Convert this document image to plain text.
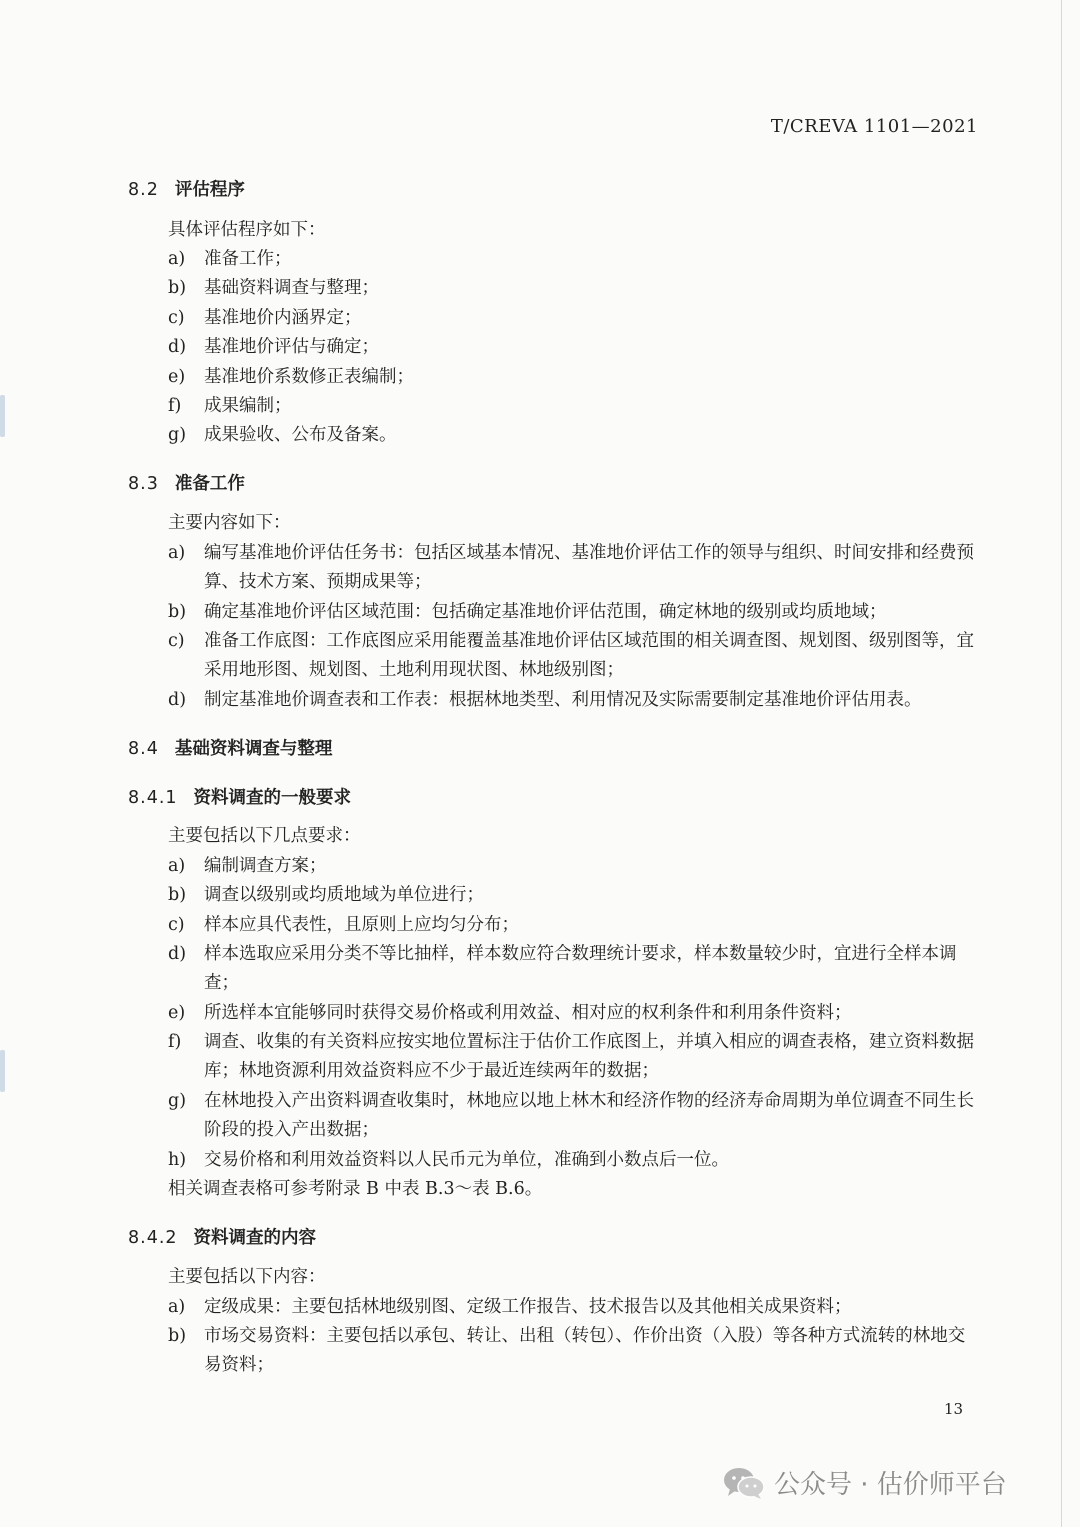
T/CREVA 1101—2021
8.2 评估程序
具体评估程序如下：
a)	准备工作；
b)	基础资料调查与整理；
c)	基准地价内涵界定；
d)	基准地价评估与确定；
e)	基准地价系数修正表编制；
f)	成果编制；
g)	成果验收、公布及备案。
8.3 准备工作
主要内容如下：
a)	编写基准地价评估任务书：包括区域基本情况、基准地价评估工作的领导与组织、时间安排和经费预算、技术方案、预期成果等；
b)	确定基准地价评估区域范围：包括确定基准地价评估范围，确定林地的级别或均质地域；
c)	准备工作底图：工作底图应采用能覆盖基准地价评估区域范围的相关调查图、规划图、级别图等，宜采用地形图、规划图、土地利用现状图、林地级别图；
d)	制定基准地价调查表和工作表：根据林地类型、利用情况及实际需要制定基准地价评估用表。
8.4 基础资料调查与整理
8.4.1 资料调查的一般要求
主要包括以下几点要求：
a)	编制调查方案；
b)	调查以级别或均质地域为单位进行；
c)	样本应具代表性，且原则上应均匀分布；
d)	样本选取应采用分类不等比抽样，样本数应符合数理统计要求，样本数量较少时，宜进行全样本调查；
e)	所选样本宜能够同时获得交易价格或利用效益、相对应的权利条件和利用条件资料；
f)	调查、收集的有关资料应按实地位置标注于估价工作底图上，并填入相应的调查表格，建立资料数据库；林地资源利用效益资料应不少于最近连续两年的数据；
g)	在林地投入产出资料调查收集时，林地应以地上林木和经济作物的经济寿命周期为单位调查不同生长阶段的投入产出数据；
h)	交易价格和利用效益资料以人民币元为单位，准确到小数点后一位。
相关调查表格可参考附录 B 中表 B.3～表 B.6。
8.4.2 资料调查的内容
主要包括以下内容：
a)	定级成果：主要包括林地级别图、定级工作报告、技术报告以及其他相关成果资料；
b)	市场交易资料：主要包括以承包、转让、出租（转包）、作价出资（入股）等各种方式流转的林地交易资料；
13
公众号 · 估价师平台
